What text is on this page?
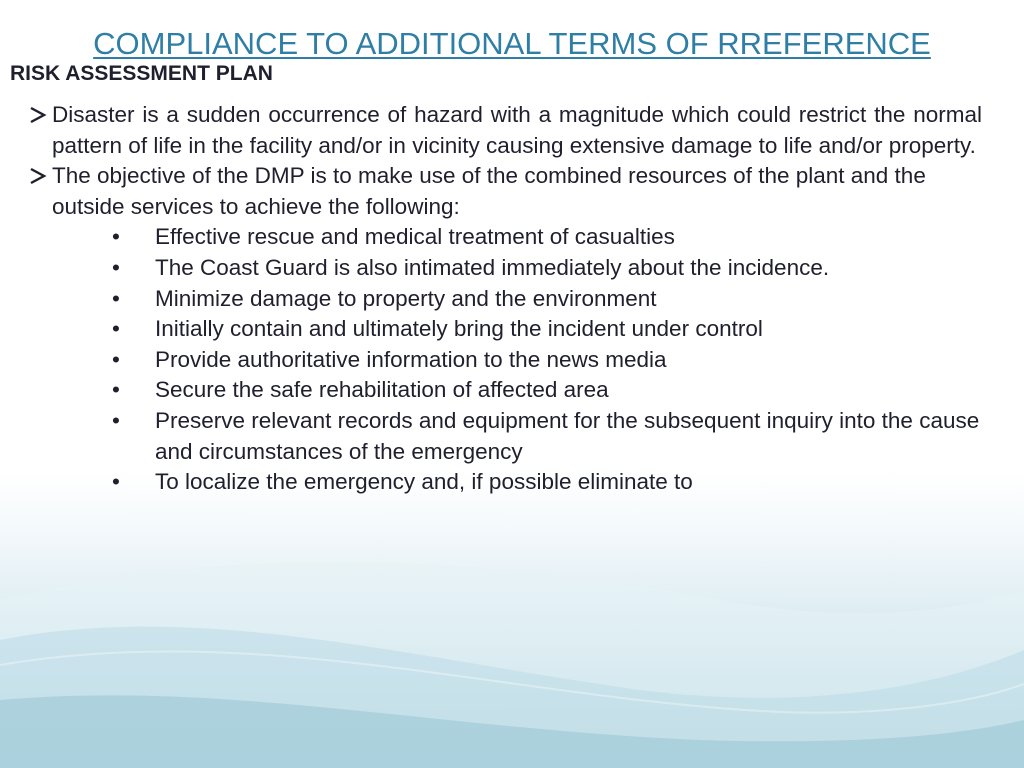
COMPLIANCE TO ADDITIONAL TERMS OF RREFERENCE
RISK ASSESSMENT PLAN
Disaster is a sudden occurrence of hazard with a magnitude which could restrict the normal pattern of life in the facility and/or in vicinity causing extensive damage to life and/or property.
The objective of the DMP is to make use of the combined resources of the plant and the outside services to achieve the following:
• Effective rescue and medical treatment of casualties
• The Coast Guard is also intimated immediately about the incidence.
• Minimize damage to property and the environment
• Initially contain and ultimately bring the incident under control
• Provide authoritative information to the news media
• Secure the safe rehabilitation of affected area
• Preserve relevant records and equipment for the subsequent inquiry into the cause and circumstances of the emergency
• To localize the emergency and, if possible eliminate to
